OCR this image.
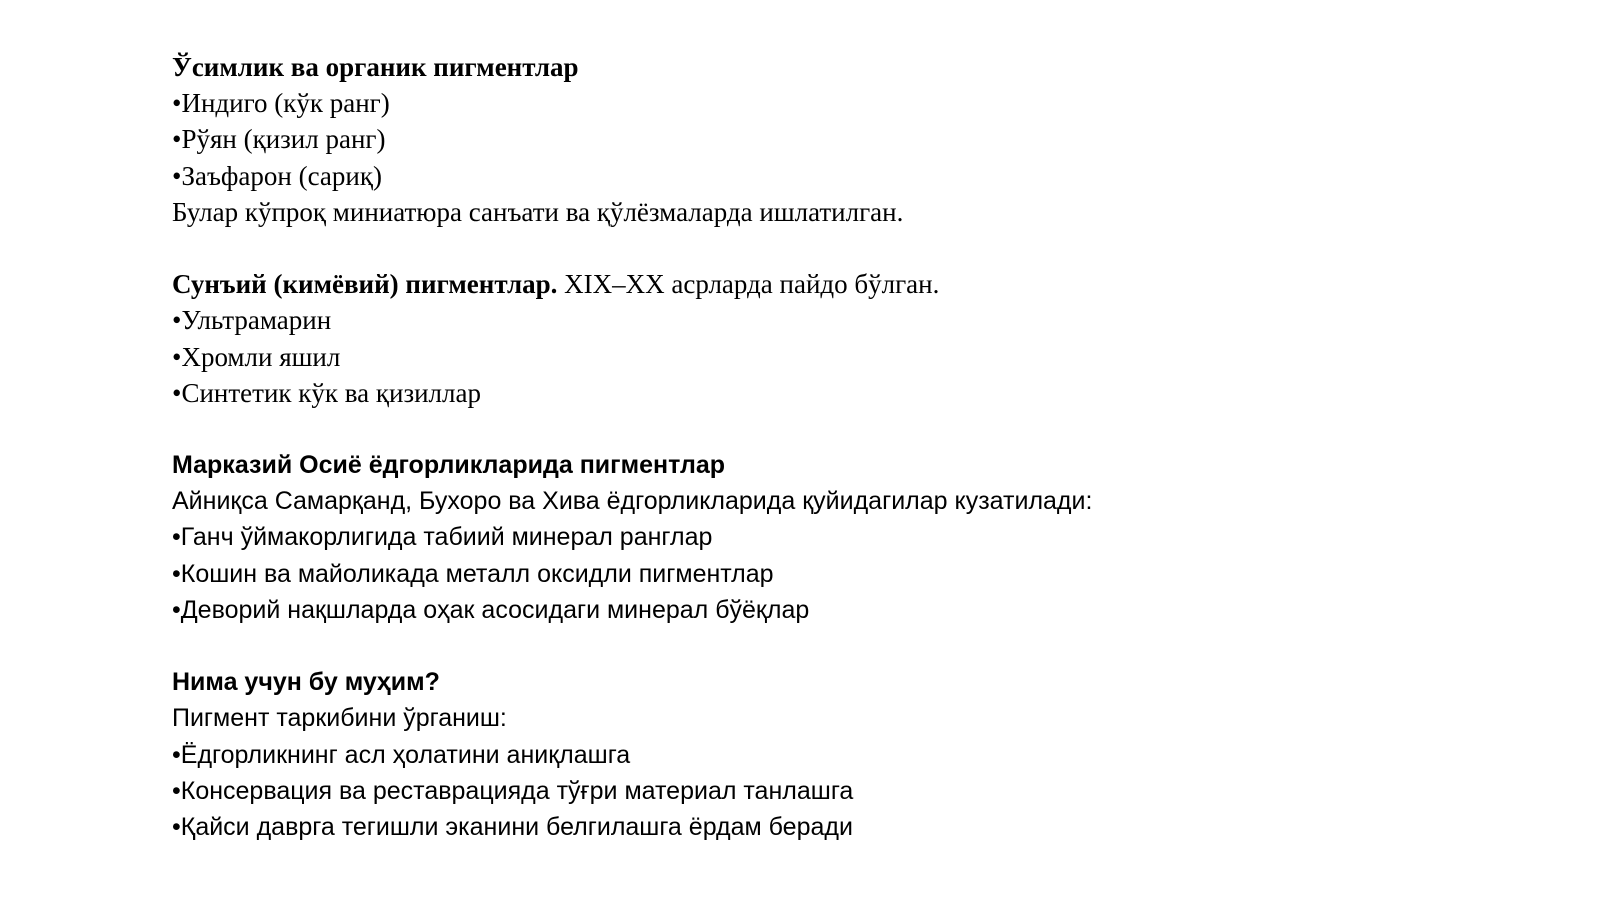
Ўсимлик ва органик пигментлар
•Индиго (кўк ранг)
•Рўян (қизил ранг)
•Заъфарон (сариқ)
Булар кўпроқ миниатюра санъати ва қўлёзмаларда ишлатилган.
Сунъий (кимёвий) пигментлар. XIX–XX асрларда пайдо бўлган.
•Ультрамарин
•Хромли яшил
•Синтетик кўк ва қизиллар
Марказий Осиё ёдгорликларида пигментлар
Айниқса Самарқанд, Бухоро ва Хива ёдгорликларида қуйидагилар кузатилади:
•Ганч ўймакорлигида табиий минерал ранглар
•Кошин ва майоликада металл оксидли пигментлар
•Деворий нақшларда оҳак асосидаги минерал бўёқлар
Нима учун бу муҳим?
Пигмент таркибини ўрганиш:
•Ёдгорликнинг асл ҳолатини аниқлашга
•Консервация ва реставрацияда тўғри материал танлашга
•Қайси даврга тегишли эканини белгилашга ёрдам беради
